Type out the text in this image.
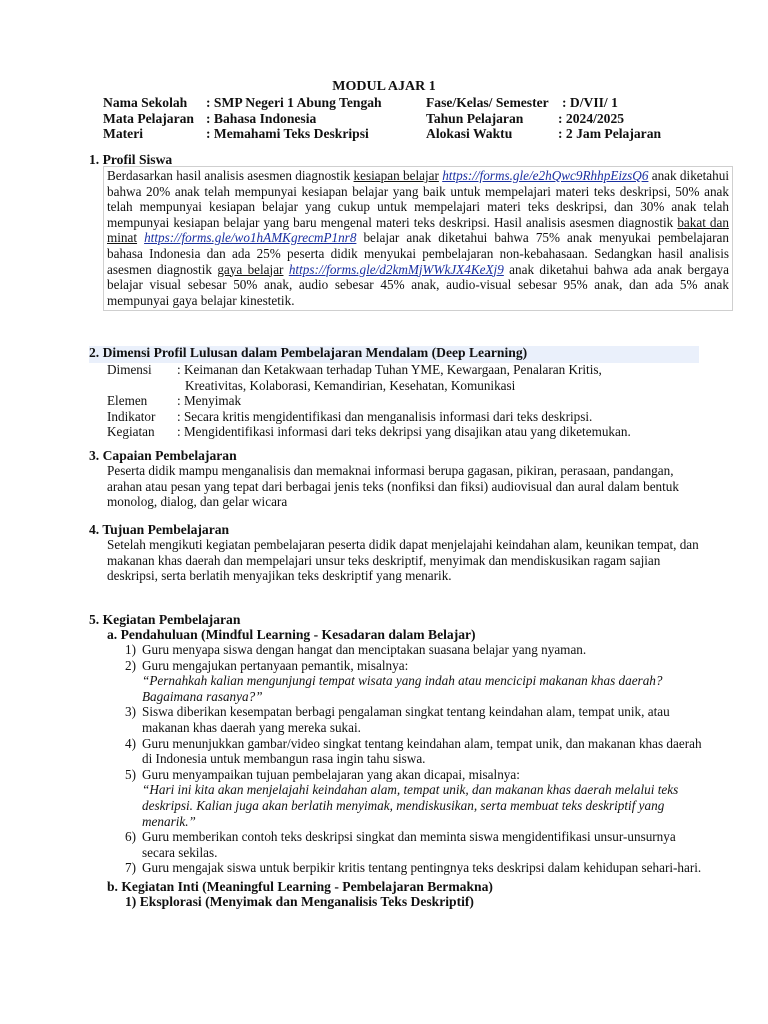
MODUL AJAR 1
Nama Sekolah : SMP Negeri 1 Abung Tengah	Fase/Kelas/ Semester : D/VII/ 1
Mata Pelajaran : Bahasa Indonesia	Tahun Pelajaran	: 2024/2025
Materi	: Memahami Teks Deskripsi	Alokasi Waktu	: 2 Jam Pelajaran
1. Profil Siswa
Berdasarkan hasil analisis asesmen diagnostik kesiapan belajar https://forms.gle/e2hQwc9RhhpEizsQ6 anak diketahui bahwa 20% anak telah mempunyai kesiapan belajar yang baik untuk mempelajari materi teks deskripsi, 50% anak telah mempunyai kesiapan belajar yang cukup untuk mempelajari materi teks deskripsi, dan 30% anak telah mempunyai kesiapan belajar yang baru mengenal materi teks deskripsi. Hasil analisis asesmen diagnostik bakat dan minat https://forms.gle/wo1hAMKgrecmP1nr8 belajar anak diketahui bahwa 75% anak menyukai pembelajaran bahasa Indonesia dan ada 25% peserta didik menyukai pembelajaran non-kebahasaan. Sedangkan hasil analisis asesmen diagnostik gaya belajar https://forms.gle/d2kmMjWWkJX4KeXj9 anak diketahui bahwa ada anak bergaya belajar visual sebesar 50% anak, audio sebesar 45% anak, audio-visual sebesar 95% anak, dan ada 5% anak mempunyai gaya belajar kinestetik.
2. Dimensi Profil Lulusan dalam Pembelajaran Mendalam (Deep Learning)
Dimensi	: Keimanan dan Ketakwaan terhadap Tuhan YME, Kewargaan, Penalaran Kritis,
Kreativitas, Kolaborasi, Kemandirian, Kesehatan, Komunikasi
Elemen	: Menyimak
Indikator	: Secara kritis mengidentifikasi dan menganalisis informasi dari teks deskripsi.
Kegiatan	: Mengidentifikasi informasi dari teks dekripsi yang disajikan atau yang diketemukan.
3. Capaian Pembelajaran
Peserta didik mampu menganalisis dan memaknai informasi berupa gagasan, pikiran, perasaan, pandangan, arahan atau pesan yang tepat dari berbagai jenis teks (nonfiksi dan fiksi) audiovisual dan aural dalam bentuk monolog, dialog, dan gelar wicara
4. Tujuan Pembelajaran
Setelah mengikuti kegiatan pembelajaran peserta didik dapat menjelajahi keindahan alam, keunikan tempat, dan makanan khas daerah dan mempelajari unsur teks deskriptif, menyimak dan mendiskusikan ragam sajian deskripsi, serta berlatih menyajikan teks deskriptif yang menarik.
5. Kegiatan Pembelajaran
a. Pendahuluan (Mindful Learning - Kesadaran dalam Belajar)
1) Guru menyapa siswa dengan hangat dan menciptakan suasana belajar yang nyaman.
2) Guru mengajukan pertanyaan pemantik, misalnya:
“Pernahkah kalian mengunjungi tempat wisata yang indah atau mencicipi makanan khas daerah? Bagaimana rasanya?”
3) Siswa diberikan kesempatan berbagi pengalaman singkat tentang keindahan alam, tempat unik, atau makanan khas daerah yang mereka sukai.
4) Guru menunjukkan gambar/video singkat tentang keindahan alam, tempat unik, dan makanan khas daerah di Indonesia untuk membangun rasa ingin tahu siswa.
5) Guru menyampaikan tujuan pembelajaran yang akan dicapai, misalnya:
“Hari ini kita akan menjelajahi keindahan alam, tempat unik, dan makanan khas daerah melalui teks deskripsi. Kalian juga akan berlatih menyimak, mendiskusikan, serta membuat teks deskriptif yang menarik.”
6) Guru memberikan contoh teks deskripsi singkat dan meminta siswa mengidentifikasi unsur-unsurnya secara sekilas.
7) Guru mengajak siswa untuk berpikir kritis tentang pentingnya teks deskripsi dalam kehidupan sehari-hari.
b. Kegiatan Inti (Meaningful Learning - Pembelajaran Bermakna)
1) Eksplorasi (Menyimak dan Menganalisis Teks Deskriptif)
